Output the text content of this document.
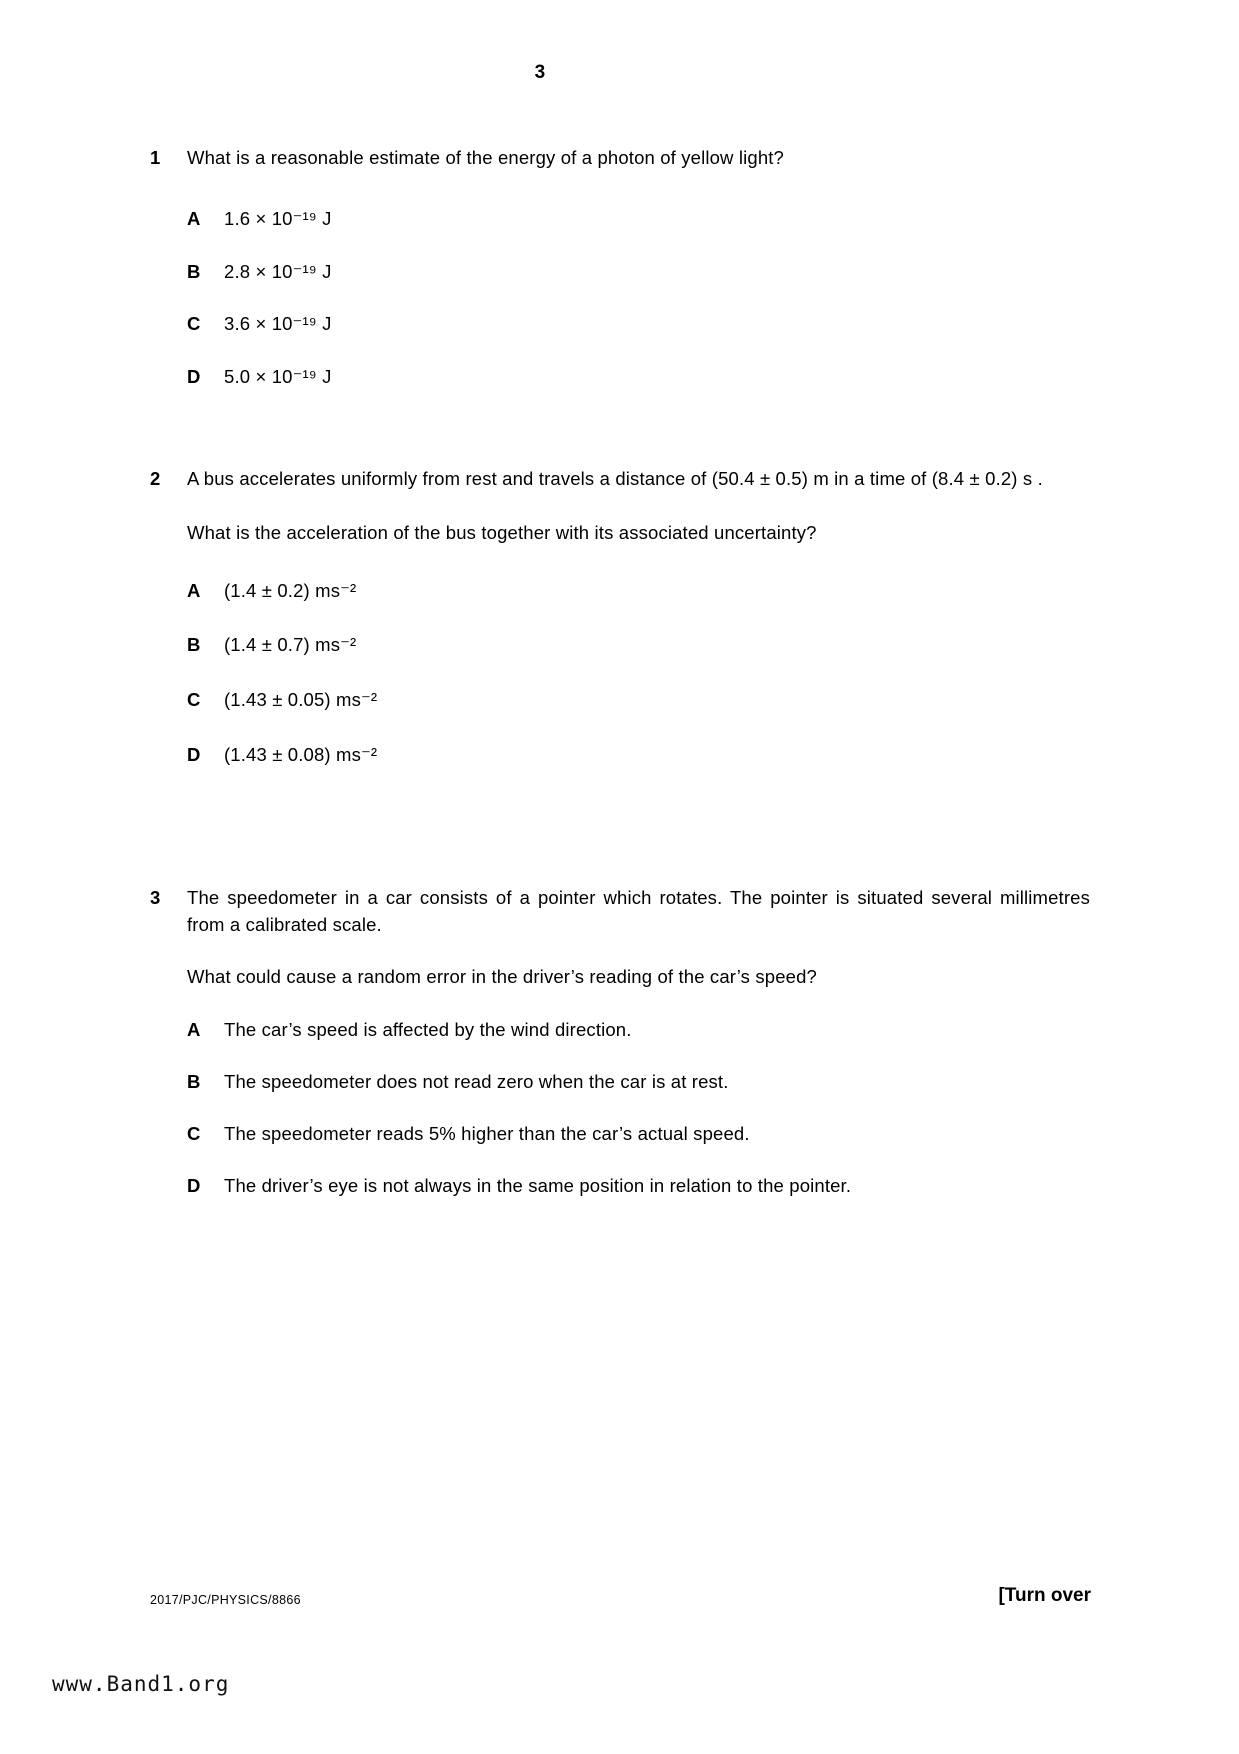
3
1	What is a reasonable estimate of the energy of a photon of yellow light?
A	1.6 × 10⁻¹⁹ J
B	2.8 × 10⁻¹⁹ J
C	3.6 × 10⁻¹⁹ J
D	5.0 × 10⁻¹⁹ J
2	A bus accelerates uniformly from rest and travels a distance of (50.4 ± 0.5) m in a time of (8.4 ± 0.2) s .
What is the acceleration of the bus together with its associated uncertainty?
A	(1.4 ± 0.2) ms⁻²
B	(1.4 ± 0.7) ms⁻²
C	(1.43 ± 0.05) ms⁻²
D	(1.43 ± 0.08) ms⁻²
3	The speedometer in a car consists of a pointer which rotates. The pointer is situated several millimetres from a calibrated scale.
What could cause a random error in the driver’s reading of the car’s speed?
A	The car’s speed is affected by the wind direction.
B	The speedometer does not read zero when the car is at rest.
C	The speedometer reads 5% higher than the car’s actual speed.
D	The driver’s eye is not always in the same position in relation to the pointer.
2017/PJC/PHYSICS/8866	[Turn over
www.Band1.org
